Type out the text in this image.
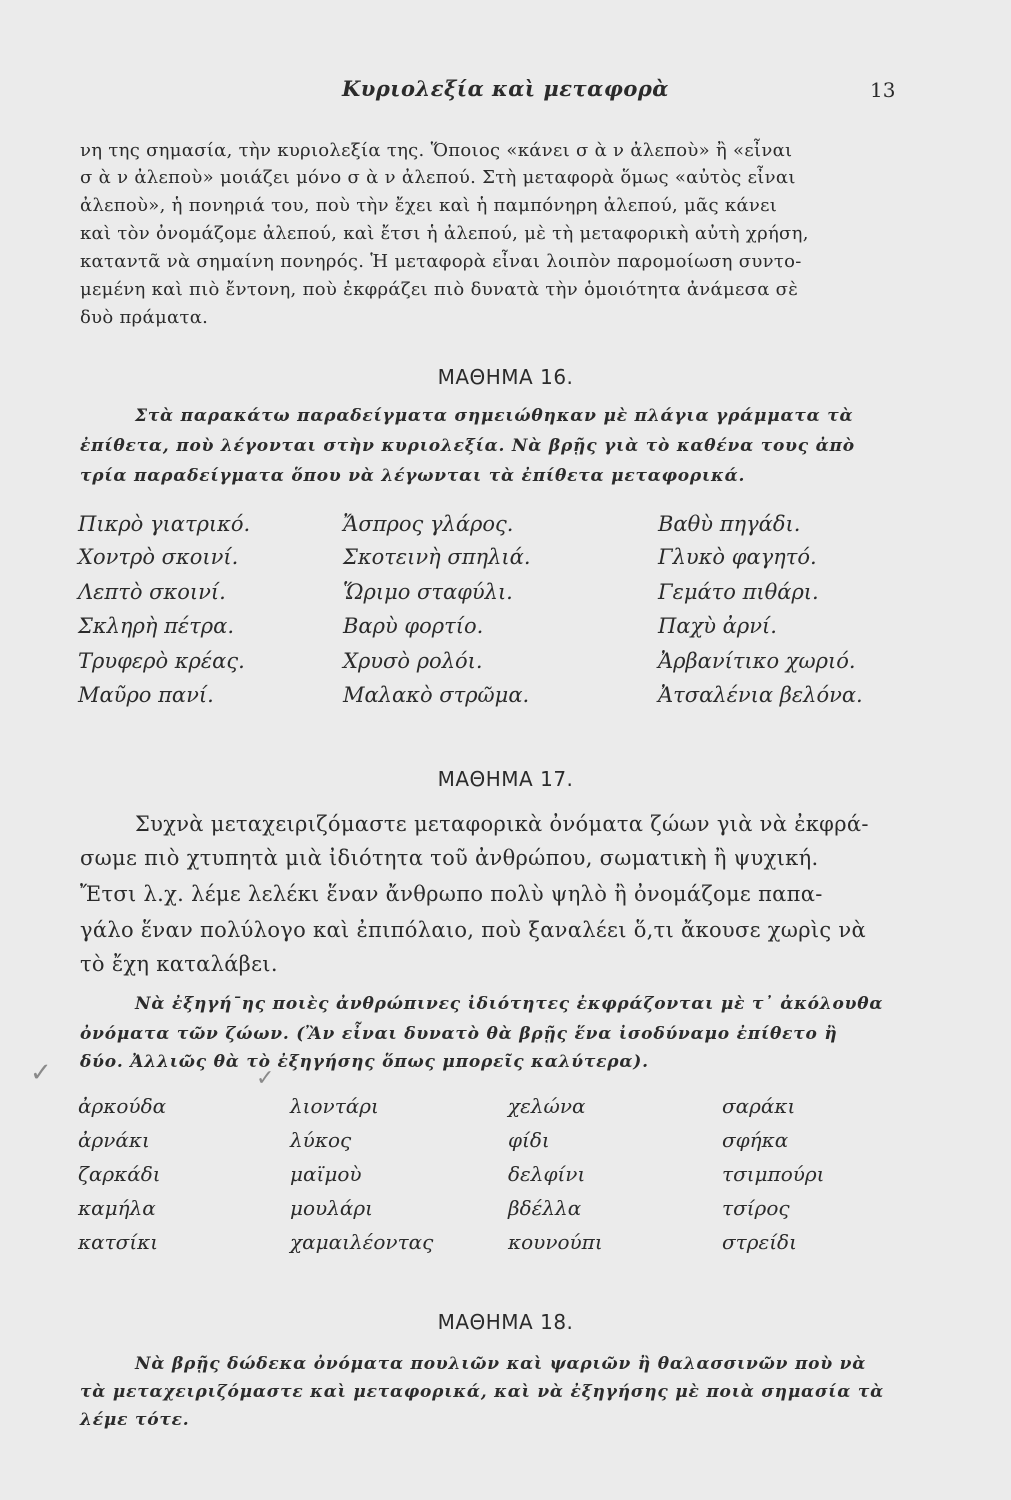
Κυριολεξία καὶ μεταφορὰ	13
νη της σημασία, τὴν κυριολεξία της. Ὅποιος «κάνει σ ὰ ν ἀλεποὺ» ἢ «εἶναι
σ ὰ ν ἀλεποὺ» μοιάζει μόνο σ ὰ ν ἀλεπού. Στὴ μεταφορὰ ὅμως «αὐτὸς εἶναι
ἀλεποὺ», ἡ πονηριά του, ποὺ τὴν ἔχει καὶ ἡ παμπόνηρη ἀλεπού, μᾶς κάνει
καὶ τὸν ὀνομάζομε ἀλεπού, καὶ ἔτσι ἡ ἀλεπού, μὲ τὴ μεταφορικὴ αὐτὴ χρήση,
καταντᾶ νὰ σημαίνη πονηρός. Ἡ μεταφορὰ εἶναι λοιπὸν παρομοίωση συντο-
μεμένη καὶ πιὸ ἔντονη, ποὺ ἐκφράζει πιὸ δυνατὰ τὴν ὁμοιότητα ἀνάμεσα σὲ
δυὸ πράματα.
ΜΑΘΗΜΑ 16.
Στὰ παρακάτω παραδείγματα σημειώθηκαν μὲ πλάγια γράμματα τὰ
ἐπίθετα, ποὺ λέγονται στὴν κυριολεξία. Νὰ βρῇς γιὰ τὸ καθένα τους ἀπὸ
τρία παραδείγματα ὅπου νὰ λέγωνται τὰ ἐπίθετα μεταφορικά.
Πικρὸ γιατρικό.
Χοντρὸ σκοινί.
Λεπτὸ σκοινί.
Σκληρὴ πέτρα.
Τρυφερὸ κρέας.
Μαῦρο πανί.
Ἄσπρος γλάρος.
Σκοτεινὴ σπηλιά.
Ὥριμο σταφύλι.
Βαρὺ φορτίο.
Χρυσὸ ρολόι.
Μαλακὸ στρῶμα.
Βαθὺ πηγάδι.
Γλυκὸ φαγητό.
Γεμάτο πιθάρι.
Παχὺ ἀρνί.
Ἀρβανίτικο χωριό.
Ἀτσαλένια βελόνα.
ΜΑΘΗΜΑ 17.
Συχνὰ μεταχειριζόμαστε μεταφορικὰ ὀνόματα ζώων γιὰ νὰ ἐκφρά-
σωμε πιὸ χτυπητὰ μιὰ ἰδιότητα τοῦ ἀνθρώπου, σωματικὴ ἢ ψυχική.
Ἔτσι λ.χ. λέμε λελέκι ἕναν ἄνθρωπο πολὺ ψηλὸ ἢ ὀνομάζομε παπα-
γάλο ἕναν πολύλογο καὶ ἐπιπόλαιο, ποὺ ξαναλέει ὅ,τι ἄκουσε χωρὶς νὰ
τὸ ἔχη καταλάβει.
Νὰ ἐξηγή¯ης ποιὲς ἀνθρώπινες ἰδιότητες ἐκφράζονται μὲ τ᾽ ἀκόλουθα
ὀνόματα τῶν ζώων. (Ἂν εἶναι δυνατὸ θὰ βρῇς ἕνα ἰσοδύναμο ἐπίθετο ἢ
δύο. Ἀλλιῶς θὰ τὸ ἐξηγήσης ὅπως μπορεῖς καλύτερα).
✓	✓
ἀρκούδα
ἀρνάκι
ζαρκάδι
καμήλα
κατσίκι
λιοντάρι
λύκος
μαϊμοὺ
μουλάρι
χαμαιλέοντας
χελώνα
φίδι
δελφίνι
βδέλλα
κουνούπι
σαράκι
σφήκα
τσιμπούρι
τσίρος
στρείδι
ΜΑΘΗΜΑ 18.
Νὰ βρῇς δώδεκα ὀνόματα πουλιῶν καὶ ψαριῶν ἢ θαλασσινῶν ποὺ νὰ
τὰ μεταχειριζόμαστε καὶ μεταφορικά, καὶ νὰ ἐξηγήσης μὲ ποιὰ σημασία τὰ
λέμε τότε.
